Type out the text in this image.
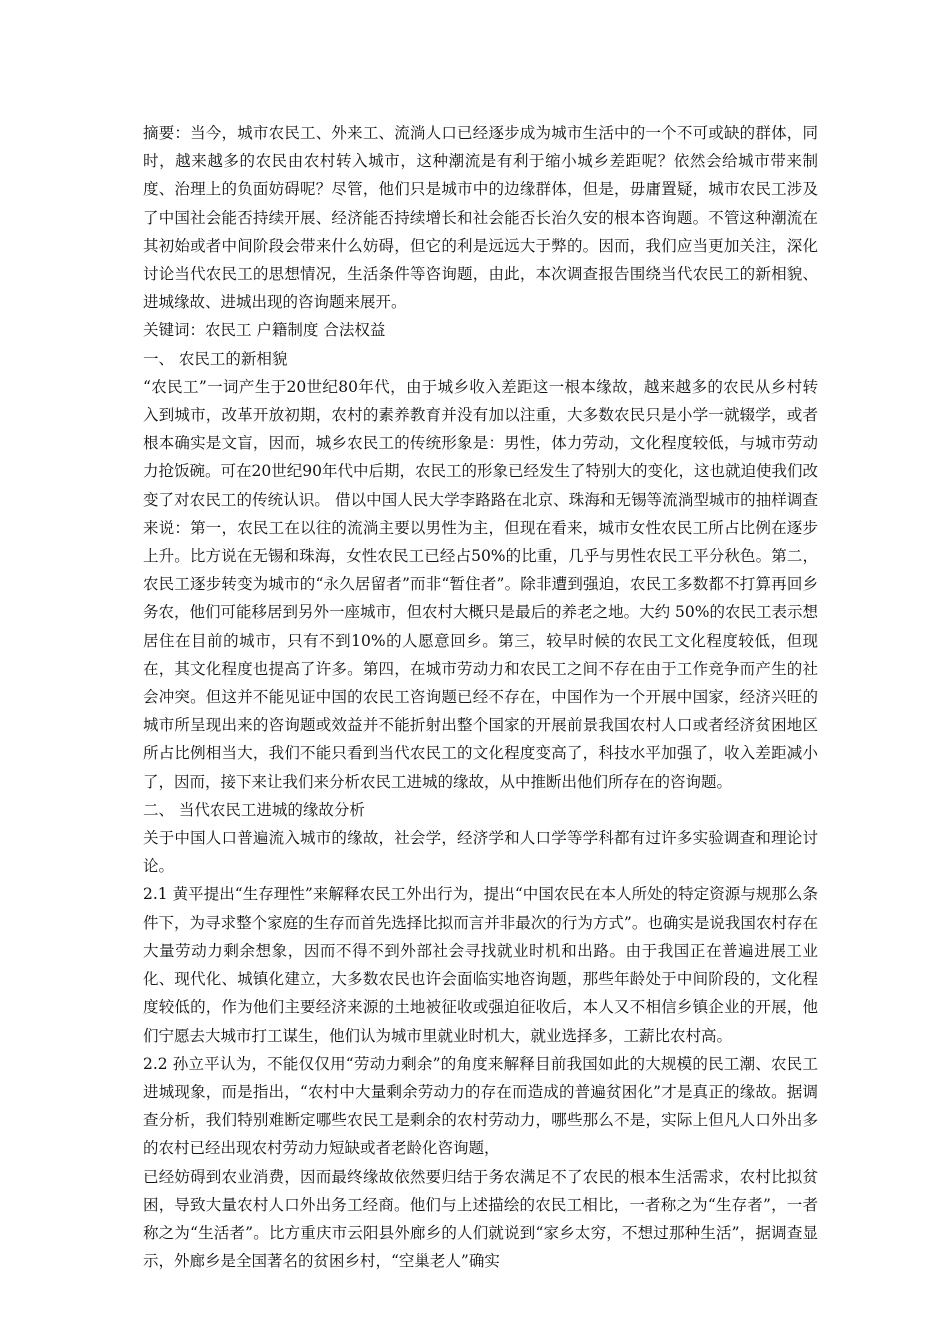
摘要：当今，城市农民工、外来工、流淌人口已经逐步成为城市生活中的一个不可或缺的群体，同时，越来越多的农民由农村转入城市，这种潮流是有利于缩小城乡差距呢？依然会给城市带来制度、治理上的负面妨碍呢？尽管，他们只是城市中的边缘群体，但是，毋庸置疑，城市农民工涉及了中国社会能否持续开展、经济能否持续增长和社会能否长治久安的根本咨询题。不管这种潮流在其初始或者中间阶段会带来什么妨碍，但它的利是远远大于弊的。因而，我们应当更加关注，深化讨论当代农民工的思想情况，生活条件等咨询题，由此，本次调查报告围绕当代农民工的新相貌、进城缘故、进城出现的咨询题来展开。

关键词：农民工 户籍制度 合法权益

一、 农民工的新相貌

“农民工”一词产生于20世纪80年代，由于城乡收入差距这一根本缘故，越来越多的农民从乡村转入到城市，改革开放初期，农村的素养教育并没有加以注重，大多数农民只是小学一就辍学，或者根本确实是文盲，因而，城乡农民工的传统形象是：男性，体力劳动，文化程度较低，与城市劳动力抢饭碗。可在20世纪90年代中后期，农民工的形象已经发生了特别大的变化，这也就迫使我们改变了对农民工的传统认识。 借以中国人民大学李路路在北京、珠海和无锡等流淌型城市的抽样调查来说：第一，农民工在以往的流淌主要以男性为主，但现在看来，城市女性农民工所占比例在逐步上升。比方说在无锡和珠海，女性农民工已经占50%的比重，几乎与男性农民工平分秋色。第二，农民工逐步转变为城市的“永久居留者”而非“暂住者”。除非遭到强迫，农民工多数都不打算再回乡务农，他们可能移居到另外一座城市，但农村大概只是最后的养老之地。大约 50%的农民工表示想居住在目前的城市，只有不到10%的人愿意回乡。第三，较早时候的农民工文化程度较低，但现在，其文化程度也提高了许多。第四，在城市劳动力和农民工之间不存在由于工作竞争而产生的社会冲突。但这并不能见证中国的农民工咨询题已经不存在，中国作为一个开展中国家，经济兴旺的城市所呈现出来的咨询题或效益并不能折射出整个国家的开展前景我国农村人口或者经济贫困地区所占比例相当大，我们不能只看到当代农民工的文化程度变高了，科技水平加强了，收入差距减小了，因而，接下来让我们来分析农民工进城的缘故，从中推断出他们所存在的咨询题。

二、 当代农民工进城的缘故分析

关于中国人口普遍流入城市的缘故，社会学，经济学和人口学等学科都有过许多实验调查和理论讨论。

2.1 黄平提出“生存理性”来解释农民工外出行为，提出“中国农民在本人所处的特定资源与规那么条件下，为寻求整个家庭的生存而首先选择比拟而言并非最次的行为方式”。也确实是说我国农村存在大量劳动力剩余想象，因而不得不到外部社会寻找就业时机和出路。由于我国正在普遍进展工业化、现代化、城镇化建立，大多数农民也许会面临实地咨询题，那些年龄处于中间阶段的，文化程度较低的，作为他们主要经济来源的土地被征收或强迫征收后，本人又不相信乡镇企业的开展，他们宁愿去大城市打工谋生，他们认为城市里就业时机大，就业选择多，工薪比农村高。

2.2 孙立平认为，不能仅仅用“劳动力剩余”的角度来解释目前我国如此的大规模的民工潮、农民工进城现象，而是指出，“农村中大量剩余劳动力的存在而造成的普遍贫困化”才是真正的缘故。据调查分析，我们特别难断定哪些农民工是剩余的农村劳动力，哪些那么不是，实际上但凡人口外出多的农村已经出现农村劳动力短缺或者老龄化咨询题，

已经妨碍到农业消费，因而最终缘故依然要归结于务农满足不了农民的根本生活需求，农村比拟贫困，导致大量农村人口外出务工经商。他们与上述描绘的农民工相比，一者称之为“生存者”，一者称之为“生活者”。比方重庆市云阳县外廊乡的人们就说到“家乡太穷，不想过那种生活”，据调查显示，外廊乡是全国著名的贫困乡村，“空巢老人”确实
